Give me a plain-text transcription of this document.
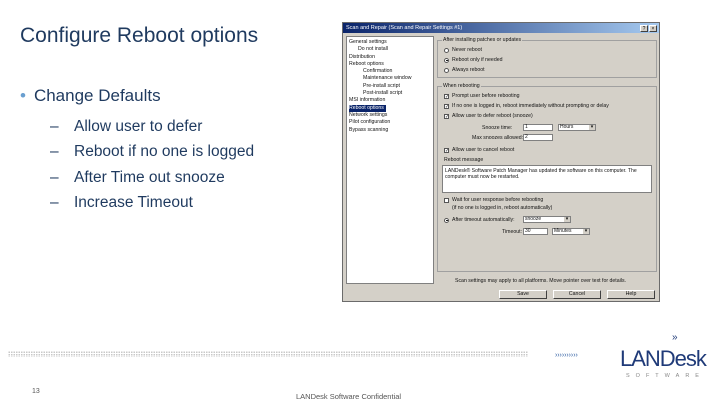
Configure Reboot options
• Change Defaults
– Allow user to defer
– Reboot if no one is logged
– After Time out snooze
– Increase Timeout
Scan and Repair (Scan and Repair Settings #1)	?	×
General settings
Do not install
Distribution
Reboot options
Confirmation
Maintenance window
Pre-install script
Post-install script
MSI information
Reboot options
Network settings
Pilot configuration
Bypass scanning
After installing patches or updates
Never reboot
Reboot only if needed
Always reboot
When rebooting
✓ Prompt user before rebooting
✓ If no one is logged in, reboot immediately without prompting or delay
✓ Allow user to defer reboot (snooze)
Snooze time:	1	Hours ▾
Max snoozes allowed: 2
✓ Allow user to cancel reboot
Reboot message
LANDesk® Software Patch Manager has updated the software on this computer. The computer must now be restarted.
Wait for user response before rebooting
(if no one is logged in, reboot automatically)
After timeout automatically:	snooze ▾
Timeout: 30	Minutes ▾
Scan settings may apply to all platforms. Move pointer over text for details.
Save	Cancel	Help
› › › › › › › › › ›
»
LANDesk
SOFTWARE
13
LANDesk Software Confidential
